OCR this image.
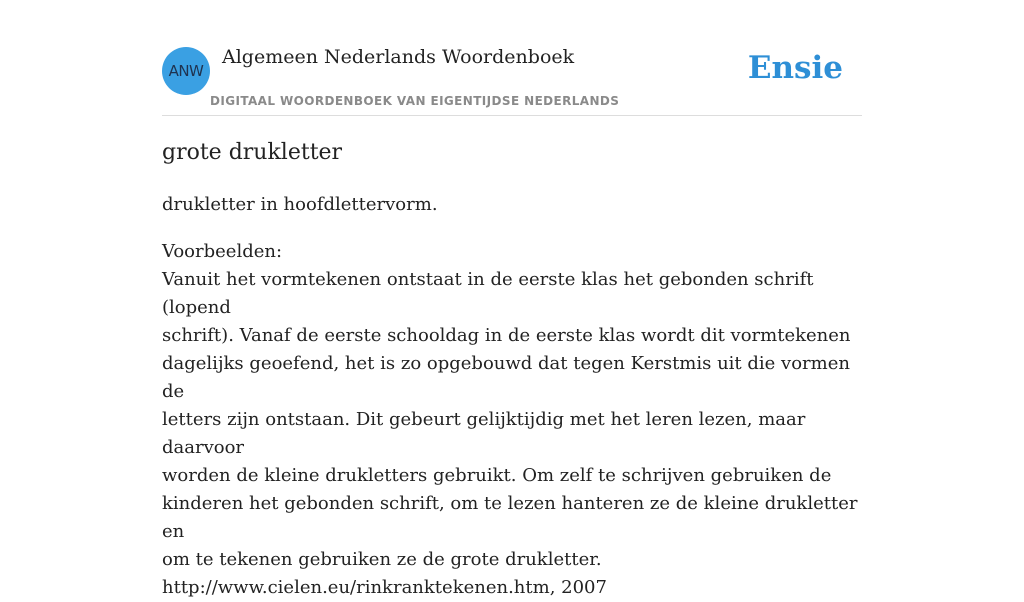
ANW
Algemeen Nederlands Woordenboek
DIGITAAL WOORDENBOEK VAN EIGENTIJDSE NEDERLANDS
Ensie
grote drukletter
drukletter in hoofdlettervorm.
Voorbeelden:
Vanuit het vormtekenen ontstaat in de eerste klas het gebonden schrift (lopend
schrift). Vanaf de eerste schooldag in de eerste klas wordt dit vormtekenen
dagelijks geoefend, het is zo opgebouwd dat tegen Kerstmis uit die vormen de
letters zijn ontstaan. Dit gebeurt gelijktijdig met het leren lezen, maar daarvoor
worden de kleine drukletters gebruikt. Om zelf te schrijven gebruiken de
kinderen het gebonden schrift, om te lezen hanteren ze de kleine drukletter en
om te tekenen gebruiken ze de grote drukletter.
http://www.cielen.eu/rinkranktekenen.htm, 2007
